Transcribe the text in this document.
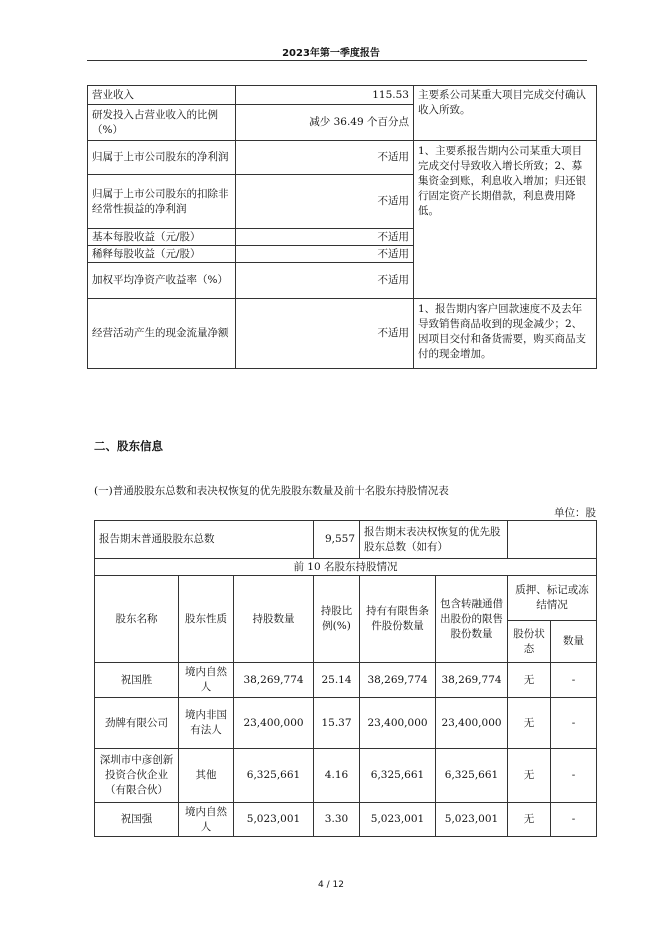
2023年第一季度报告
营业收入	115.53	主要系公司某重大项目完成交付确认收入所致。
研发投入占营业收入的比例（%）	减少 36.49 个百分点	
归属于上市公司股东的净利润	不适用	1、主要系报告期内公司某重大项目完成交付导致收入增长所致；2、募集资金到账，利息收入增加；归还银行固定资产长期借款，利息费用降低。
归属于上市公司股东的扣除非经常性损益的净利润	不适用	
基本每股收益（元/股）	不适用	
稀释每股收益（元/股）	不适用	
加权平均净资产收益率（%）	不适用	
经营活动产生的现金流量净额	不适用	1、报告期内客户回款速度不及去年导致销售商品收到的现金减少；2、因项目交付和备货需要，购买商品支付的现金增加。
二、股东信息
(一)普通股股东总数和表决权恢复的优先股股东数量及前十名股东持股情况表
单位：股
报告期末普通股股东总数			9,557	报告期末表决权恢复的优先股股东总数（如有）			
前 10 名股东持股情况							
股东名称	股东性质	持股数量	持股比例(%)	持有有限售条件股份数量	包含转融通借出股份的限售股份数量	质押、标记或冻结情况	
						股份状态	数量
祝国胜	境内自然人	38,269,774	25.14	38,269,774	38,269,774	无	-
劲牌有限公司	境内非国有法人	23,400,000	15.37	23,400,000	23,400,000	无	-
深圳市中彦创新投资合伙企业（有限合伙）	其他	6,325,661	4.16	6,325,661	6,325,661	无	-
祝国强	境内自然人	5,023,001	3.30	5,023,001	5,023,001	无	-
4 / 12
